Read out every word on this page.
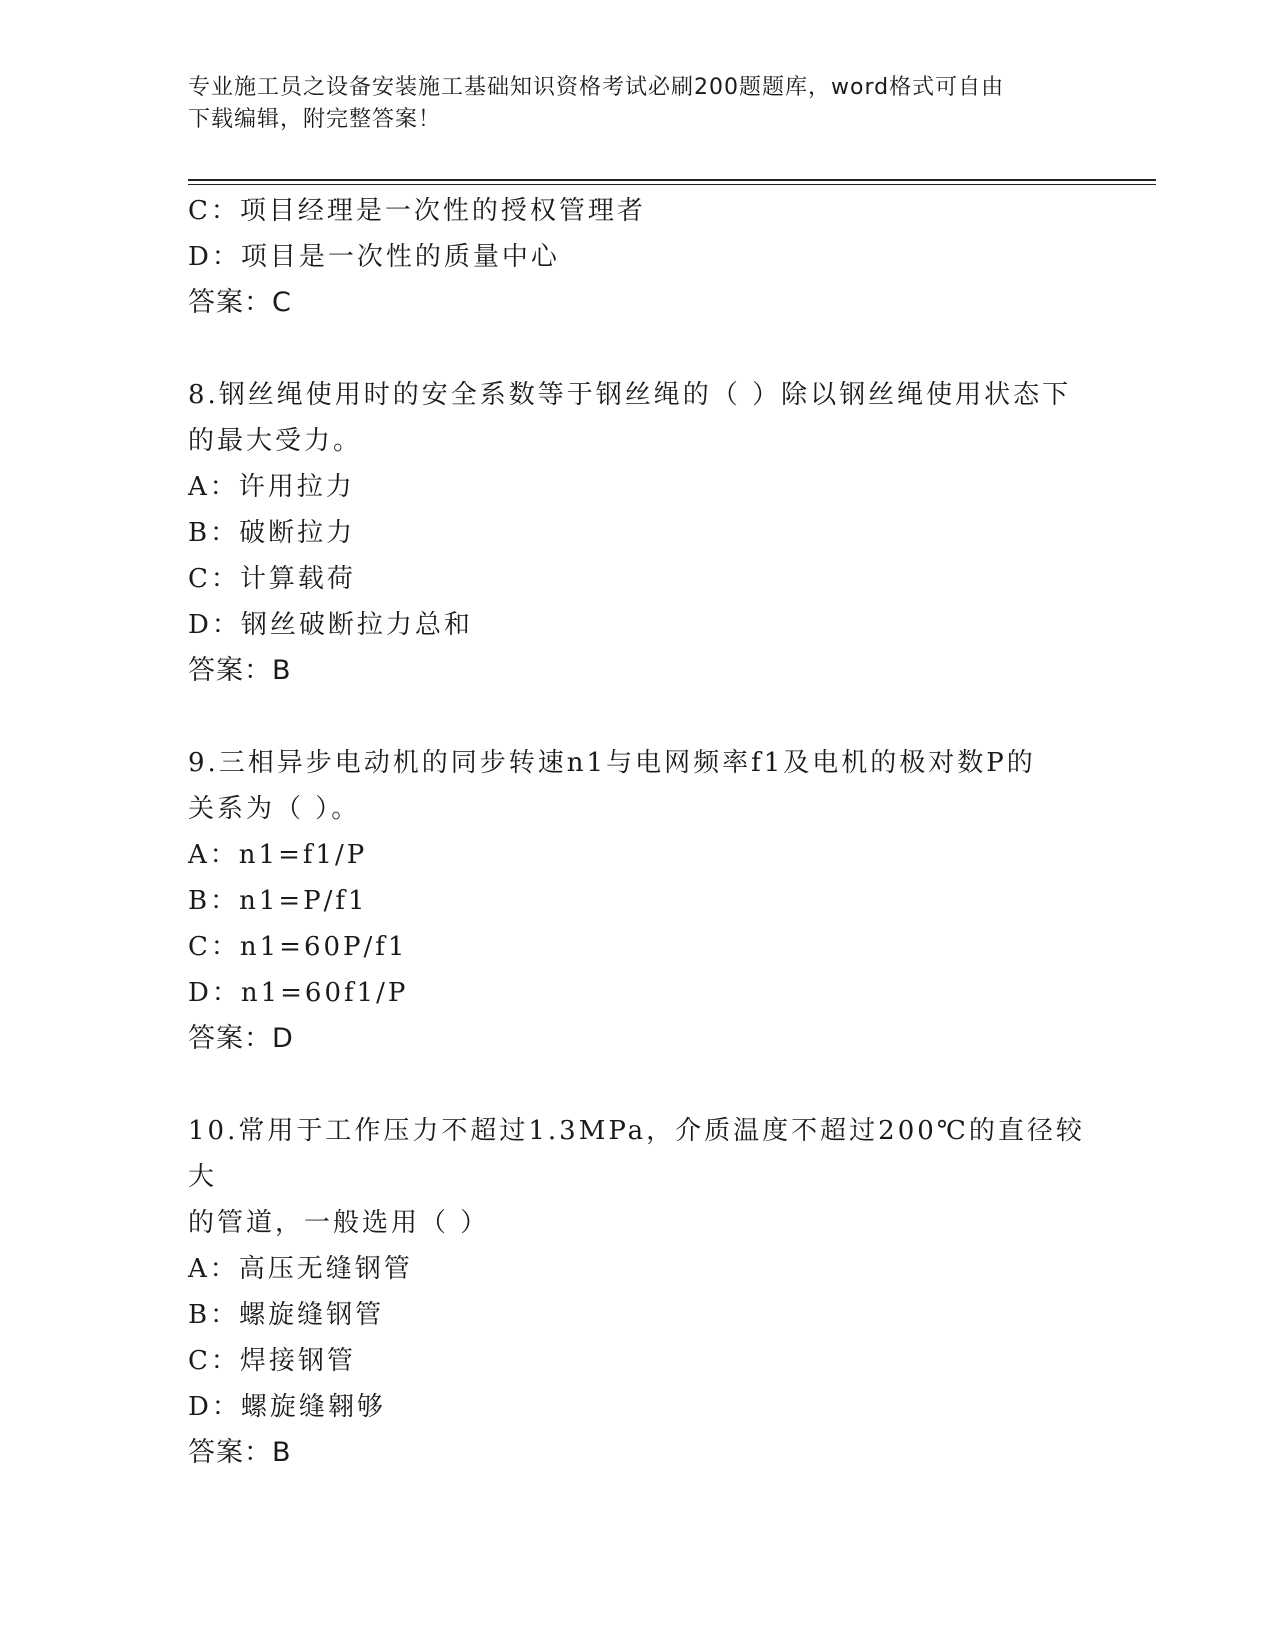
专业施工员之设备安装施工基础知识资格考试必刷200题题库，word格式可自由
下载编辑，附完整答案！
C：项目经理是一次性的授权管理者
D：项目是一次性的质量中心
答案：C
8.钢丝绳使用时的安全系数等于钢丝绳的（ ）除以钢丝绳使用状态下
的最大受力。
A：许用拉力
B：破断拉力
C：计算载荷
D：钢丝破断拉力总和
答案：B
9.三相异步电动机的同步转速n1与电网频率f1及电机的极对数P的
关系为（ ）。
A：n1=f1/P
B：n1=P/f1
C：n1=60P/f1
D：n1=60f1/P
答案：D
10.常用于工作压力不超过1.3MPa，介质温度不超过200℃的直径较大
的管道，一般选用（ ）
A：高压无缝钢管
B：螺旋缝钢管
C：焊接钢管
D：螺旋缝翱够
答案：B
